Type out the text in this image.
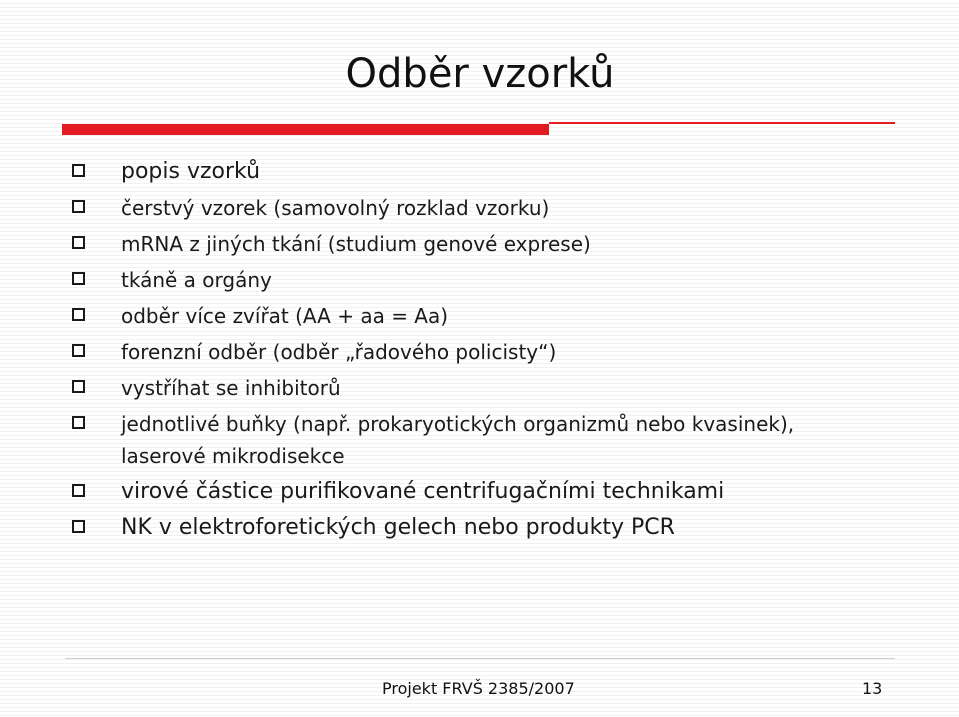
Odběr vzorků
popis vzorků
čerstvý vzorek (samovolný rozklad vzorku)
mRNA z jiných tkání (studium genové exprese)
tkáně a orgány
odběr více zvířat (AA + aa = Aa)
forenzní odběr (odběr „řadového policisty“)
vystříhat se inhibitorů
jednotlivé buňky (např. prokaryotických organizmů nebo kvasinek), laserové mikrodisekce
virové částice purifikované centrifugačními technikami
NK v elektroforetických gelech nebo produkty PCR
Projekt FRVŠ 2385/2007	13
